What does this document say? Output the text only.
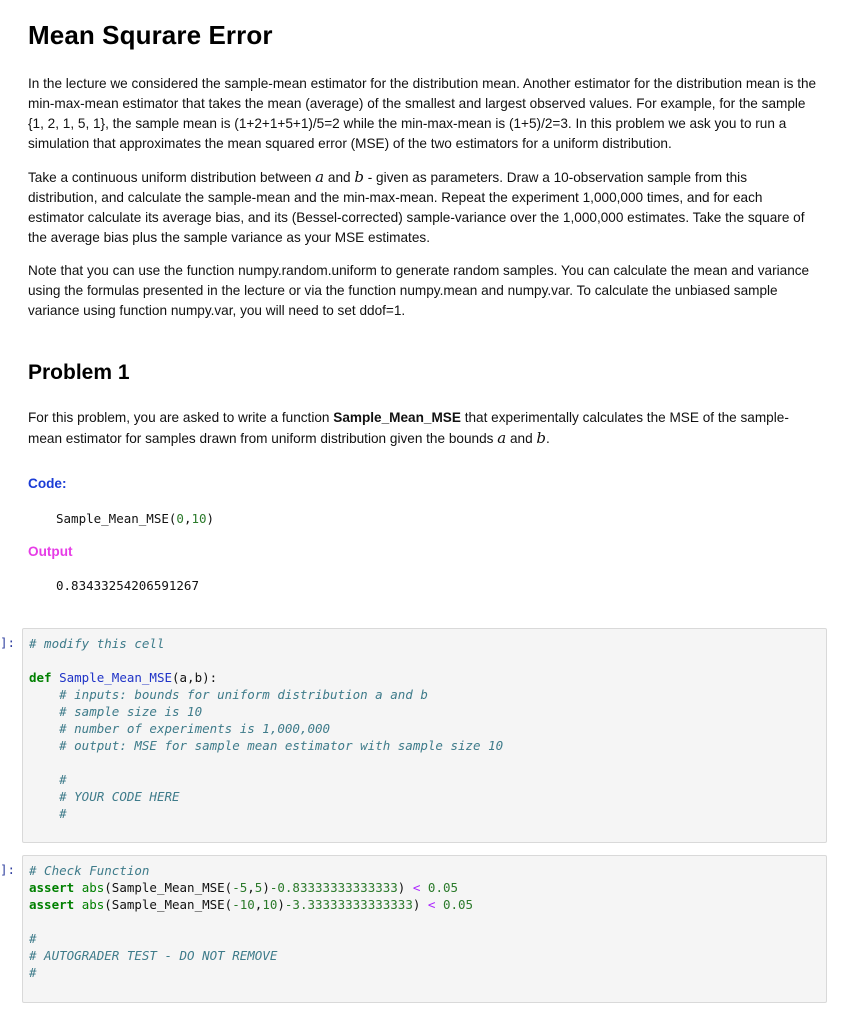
Mean Squrare Error

In the lecture we considered the sample-mean estimator for the distribution mean. Another estimator for the distribution mean is the min-max-mean estimator that takes the mean (average) of the smallest and largest observed values. For example, for the sample {1, 2, 1, 5, 1}, the sample mean is (1+2+1+5+1)/5=2 while the min-max-mean is (1+5)/2=3. In this problem we ask you to run a simulation that approximates the mean squared error (MSE) of the two estimators for a uniform distribution.

Take a continuous uniform distribution between a and b - given as parameters. Draw a 10-observation sample from this distribution, and calculate the sample-mean and the min-max-mean. Repeat the experiment 1,000,000 times, and for each estimator calculate its average bias, and its (Bessel-corrected) sample-variance over the 1,000,000 estimates. Take the square of the average bias plus the sample variance as your MSE estimates.

Note that you can use the function numpy.random.uniform to generate random samples. You can calculate the mean and variance using the formulas presented in the lecture or via the function numpy.mean and numpy.var. To calculate the unbiased sample variance using function numpy.var, you will need to set ddof=1.

Problem 1

For this problem, you are asked to write a function Sample_Mean_MSE that experimentally calculates the MSE of the sample-mean estimator for samples drawn from uniform distribution given the bounds a and b.

Code:
Sample_Mean_MSE(0,10)
Output
0.83433254206591267
]: # modify this cell
def Sample_Mean_MSE(a,b):
# inputs: bounds for uniform distribution a and b
# sample size is 10
# number of experiments is 1,000,000
# output: MSE for sample mean estimator with sample size 10
#
# YOUR CODE HERE
#
]: # Check Function
assert abs(Sample_Mean_MSE(-5,5)-0.83333333333333) < 0.05
assert abs(Sample_Mean_MSE(-10,10)-3.33333333333333) < 0.05
#
# AUTOGRADER TEST - DO NOT REMOVE
#
